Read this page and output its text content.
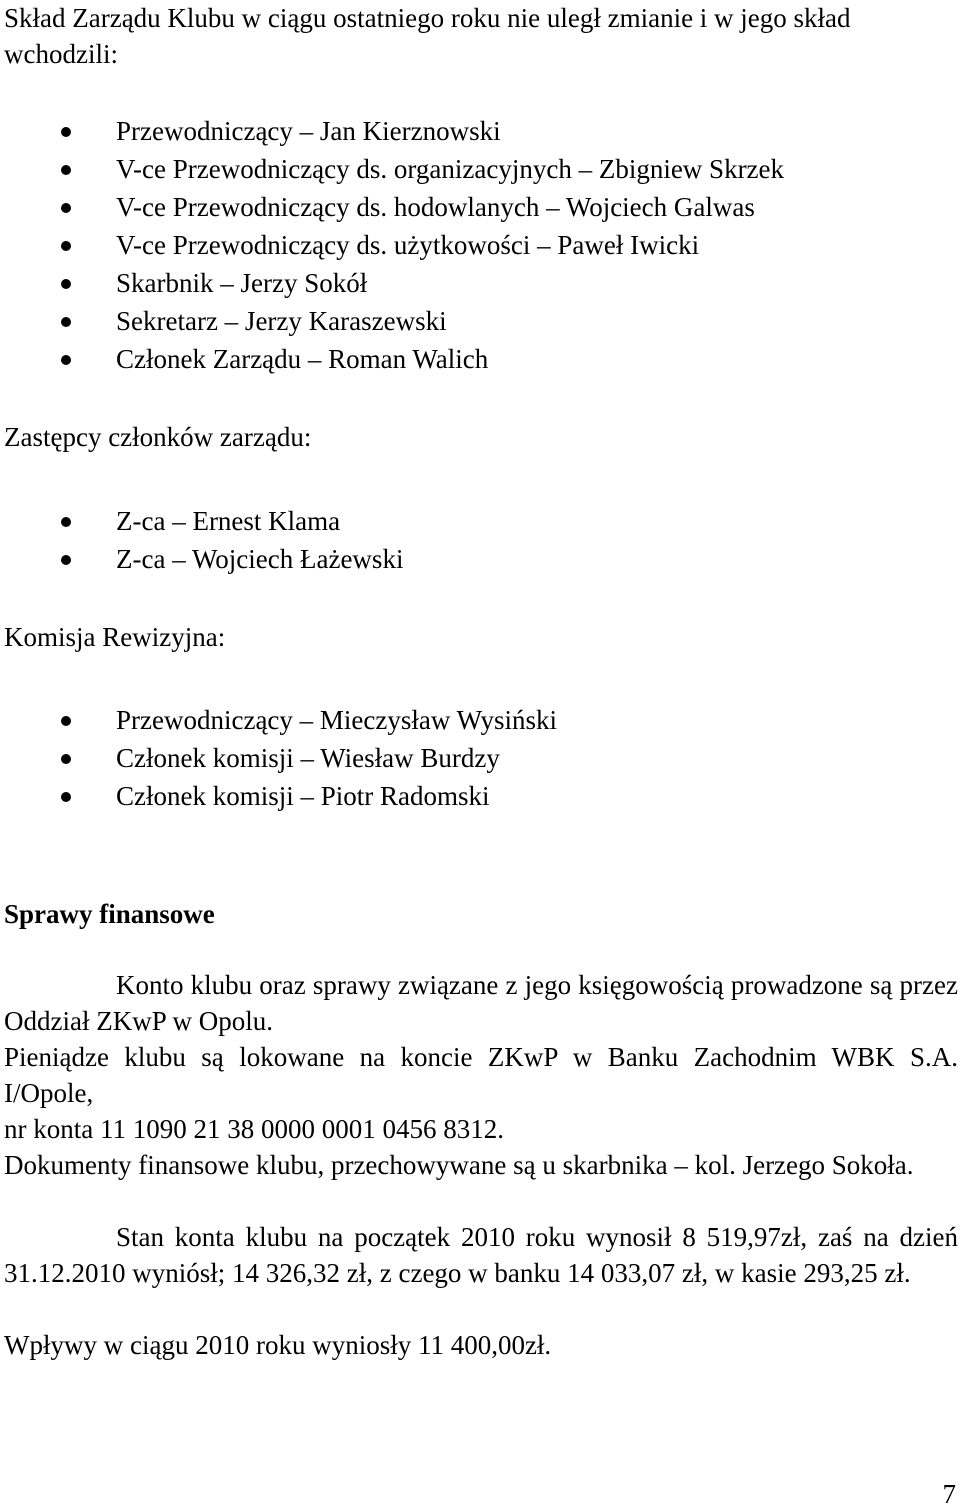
Skład Zarządu Klubu w ciągu ostatniego roku nie uległ zmianie i w jego skład wchodzili:

Przewodniczący – Jan Kierznowski
V-ce Przewodniczący ds. organizacyjnych – Zbigniew Skrzek
V-ce Przewodniczący ds. hodowlanych – Wojciech Galwas
V-ce Przewodniczący ds. użytkowości – Paweł Iwicki
Skarbnik – Jerzy Sokół
Sekretarz – Jerzy Karaszewski
Członek Zarządu – Roman Walich

Zastępcy członków zarządu:

Z-ca – Ernest Klama
Z-ca – Wojciech Łażewski

Komisja Rewizyjna:

Przewodniczący – Mieczysław Wysiński
Członek komisji – Wiesław Burdzy
Członek komisji – Piotr Radomski
Sprawy finansowe

Konto klubu oraz sprawy związane z jego księgowością prowadzone są przez Oddział ZKwP w Opolu.

Pieniądze klubu są lokowane na koncie ZKwP w Banku Zachodnim WBK S.A. I/Opole,

nr konta 11 1090 21 38 0000 0001 0456 8312.

Dokumenty finansowe klubu, przechowywane są u skarbnika – kol. Jerzego Sokoła.

Stan konta klubu na początek 2010 roku wynosił 8 519,97zł, zaś na dzień 31.12.2010 wyniósł; 14 326,32 zł, z czego w banku 14 033,07 zł, w kasie 293,25 zł.

Wpływy w ciągu 2010 roku wyniosły 11 400,00zł.

7
